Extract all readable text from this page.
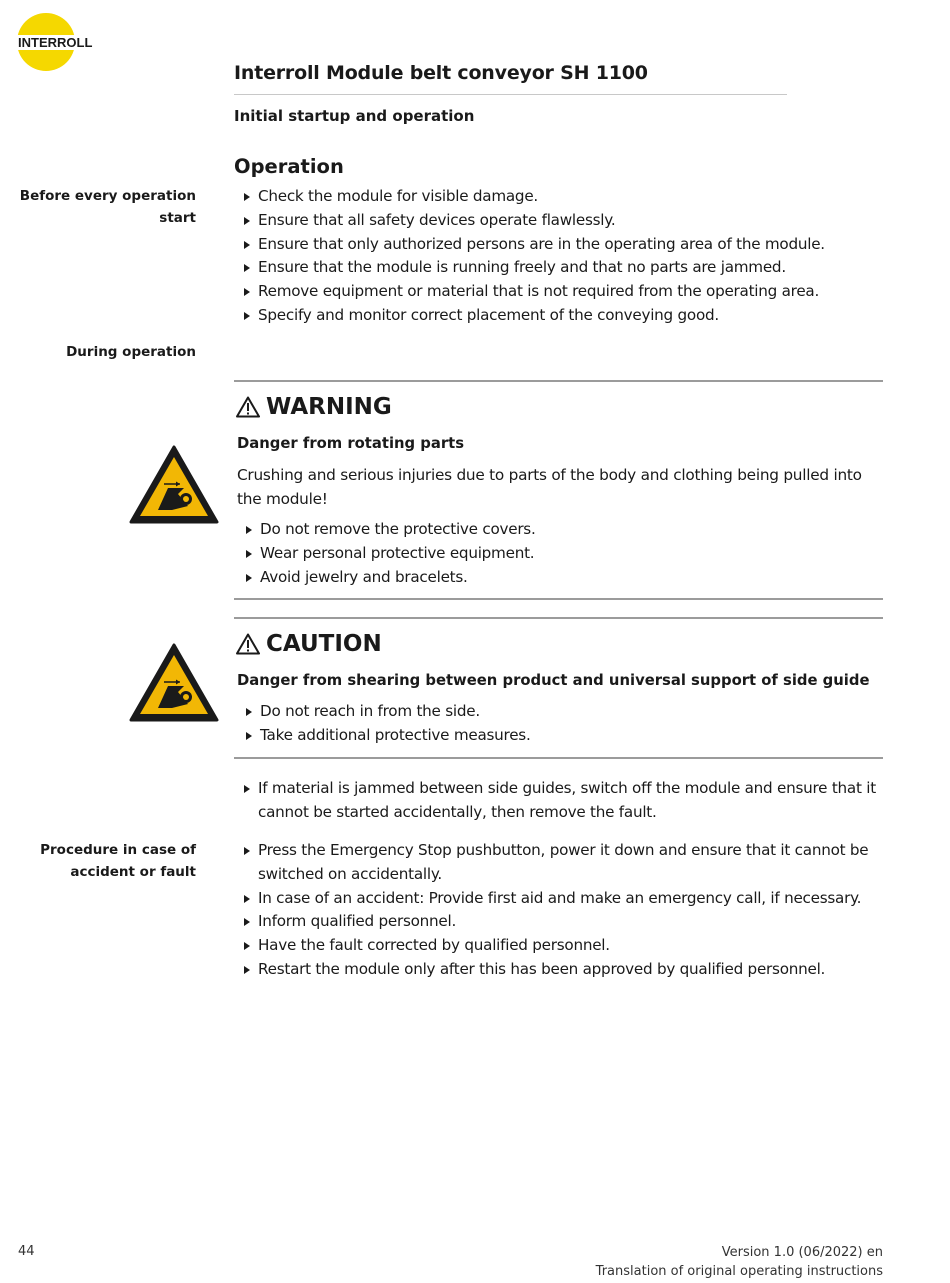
INTERROLL
Interroll Module belt conveyor SH 1100
Initial startup and operation
Operation
Before every operation
start
During operation
Procedure in case of
accident or fault
Check the module for visible damage.
Ensure that all safety devices operate flawlessly.
Ensure that only authorized persons are in the operating area of the module.
Ensure that the module is running freely and that no parts are jammed.
Remove equipment or material that is not required from the operating area.
Specify and monitor correct placement of the conveying good.
WARNING
Danger from rotating parts
Crushing and serious injuries due to parts of the body and clothing being pulled into the module!
Do not remove the protective covers.
Wear personal protective equipment.
Avoid jewelry and bracelets.
CAUTION
Danger from shearing between product and universal support of side guide
Do not reach in from the side.
Take additional protective measures.
If material is jammed between side guides, switch off the module and ensure that it cannot be started accidentally, then remove the fault.
Press the Emergency Stop pushbutton, power it down and ensure that it cannot be switched on accidentally.
In case of an accident: Provide first aid and make an emergency call, if necessary.
Inform qualified personnel.
Have the fault corrected by qualified personnel.
Restart the module only after this has been approved by qualified personnel.
44	Version 1.0 (06/2022) en
Translation of original operating instructions
